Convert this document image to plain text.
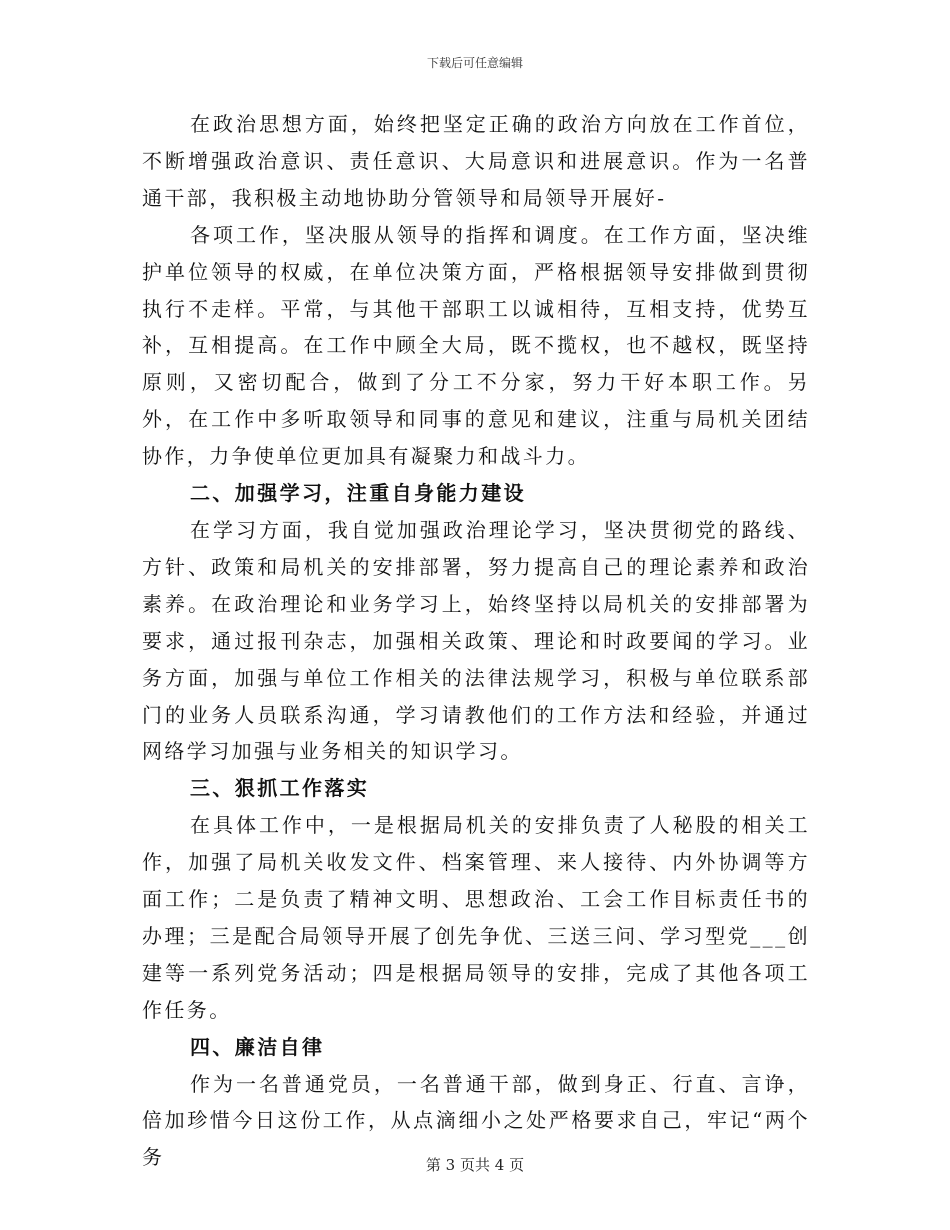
下载后可任意编辑

在政治思想方面，始终把坚定正确的政治方向放在工作首位，不断增强政治意识、责任意识、大局意识和进展意识。作为一名普通干部，我积极主动地协助分管领导和局领导开展好-

各项工作，坚决服从领导的指挥和调度。在工作方面，坚决维护单位领导的权威，在单位决策方面，严格根据领导安排做到贯彻执行不走样。平常，与其他干部职工以诚相待，互相支持，优势互补，互相提高。在工作中顾全大局，既不揽权，也不越权，既坚持原则，又密切配合，做到了分工不分家，努力干好本职工作。另外，在工作中多听取领导和同事的意见和建议，注重与局机关团结协作，力争使单位更加具有凝聚力和战斗力。

二、加强学习，注重自身能力建设

在学习方面，我自觉加强政治理论学习，坚决贯彻党的路线、方针、政策和局机关的安排部署，努力提高自己的理论素养和政治素养。在政治理论和业务学习上，始终坚持以局机关的安排部署为要求，通过报刊杂志，加强相关政策、理论和时政要闻的学习。业务方面，加强与单位工作相关的法律法规学习，积极与单位联系部门的业务人员联系沟通，学习请教他们的工作方法和经验，并通过网络学习加强与业务相关的知识学习。

三、狠抓工作落实

在具体工作中，一是根据局机关的安排负责了人秘股的相关工作，加强了局机关收发文件、档案管理、来人接待、内外协调等方面工作；二是负责了精神文明、思想政治、工会工作目标责任书的办理；三是配合局领导开展了创先争优、三送三问、学习型党___创建等一系列党务活动；四是根据局领导的安排，完成了其他各项工作任务。

四、廉洁自律

作为一名普通党员，一名普通干部，做到身正、行直、言诤，倍加珍惜今日这份工作，从点滴细小之处严格要求自己，牢记“两个务	第 3 页共 4 页
